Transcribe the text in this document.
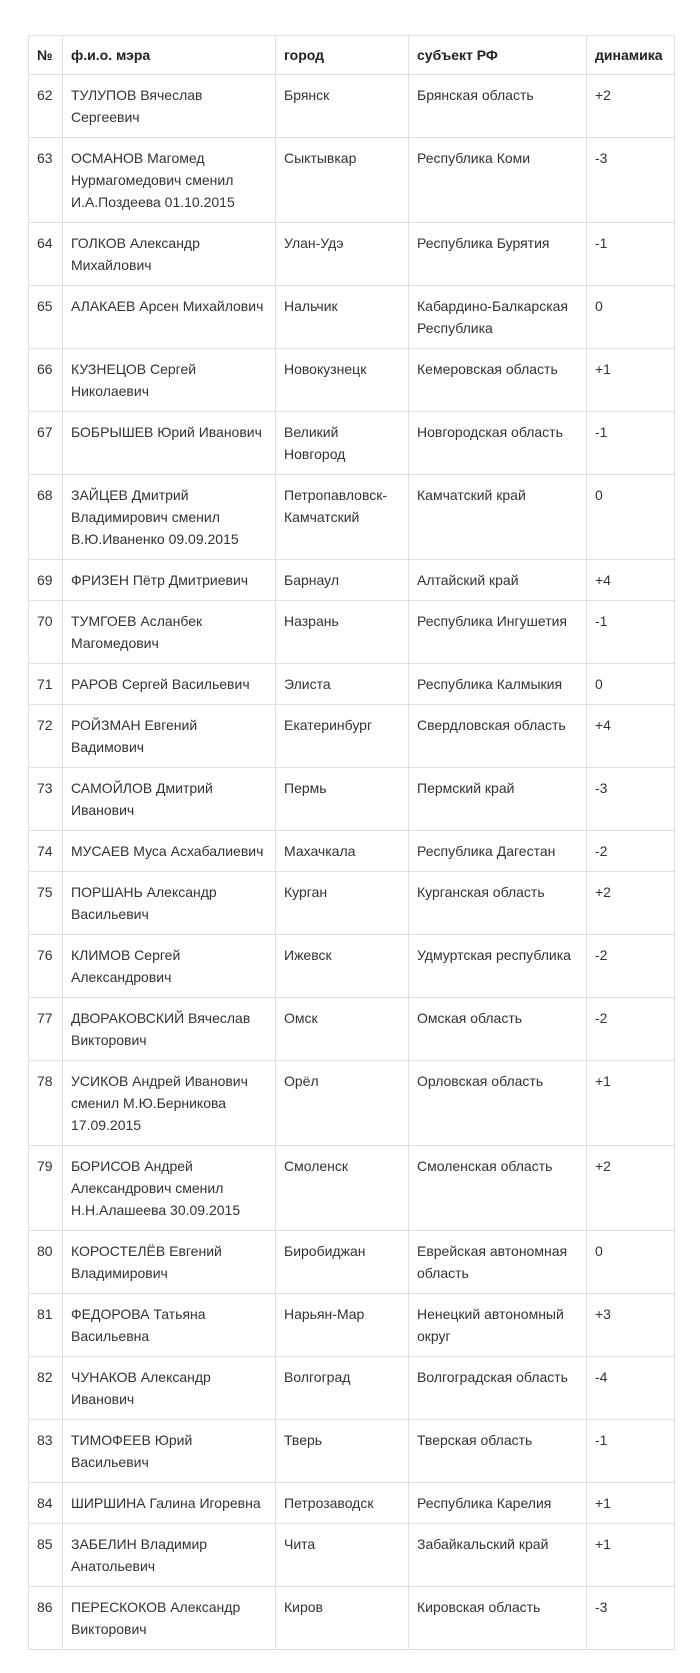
№	ф.и.о. мэра	город	субъект РФ	динамика
62	ТУЛУПОВ Вячеслав Сергеевич	Брянск	Брянская область	+2
63	ОСМАНОВ Магомед Нурмагомедович сменил И.А.Поздеева 01.10.2015	Сыктывкар	Республика Коми	-3
64	ГОЛКОВ Александр Михайлович	Улан-Удэ	Республика Бурятия	-1
65	АЛАКАЕВ Арсен Михайлович	Нальчик	Кабардино-Балкарская Республика	0
66	КУЗНЕЦОВ Сергей Николаевич	Новокузнецк	Кемеровская область	+1
67	БОБРЫШЕВ Юрий Иванович	Великий Новгород	Новгородская область	-1
68	ЗАЙЦЕВ Дмитрий Владимирович сменил В.Ю.Иваненко 09.09.2015	Петропавловск-Камчатский	Камчатский край	0
69	ФРИЗЕН Пётр Дмитриевич	Барнаул	Алтайский край	+4
70	ТУМГОЕВ Асланбек Магомедович	Назрань	Республика Ингушетия	-1
71	РАРОВ Сергей Васильевич	Элиста	Республика Калмыкия	0
72	РОЙЗМАН Евгений Вадимович	Екатеринбург	Свердловская область	+4
73	САМОЙЛОВ Дмитрий Иванович	Пермь	Пермский край	-3
74	МУСАЕВ Муса Асхабалиевич	Махачкала	Республика Дагестан	-2
75	ПОРШАНЬ Александр Васильевич	Курган	Курганская область	+2
76	КЛИМОВ Сергей Александрович	Ижевск	Удмуртская республика	-2
77	ДВОРАКОВСКИЙ Вячеслав Викторович	Омск	Омская область	-2
78	УСИКОВ Андрей Иванович сменил М.Ю.Берникова 17.09.2015	Орёл	Орловская область	+1
79	БОРИСОВ Андрей Александрович сменил Н.Н.Алашеева 30.09.2015	Смоленск	Смоленская область	+2
80	КОРОСТЕЛЁВ Евгений Владимирович	Биробиджан	Еврейская автономная область	0
81	ФЕДОРОВА Татьяна Васильевна	Нарьян-Мар	Ненецкий автономный округ	+3
82	ЧУНАКОВ Александр Иванович	Волгоград	Волгоградская область	-4
83	ТИМОФЕЕВ Юрий Васильевич	Тверь	Тверская область	-1
84	ШИРШИНА Галина Игоревна	Петрозаводск	Республика Карелия	+1
85	ЗАБЕЛИН Владимир Анатольевич	Чита	Забайкальский край	+1
86	ПЕРЕСКОКОВ Александр Викторович	Киров	Кировская область	-3
